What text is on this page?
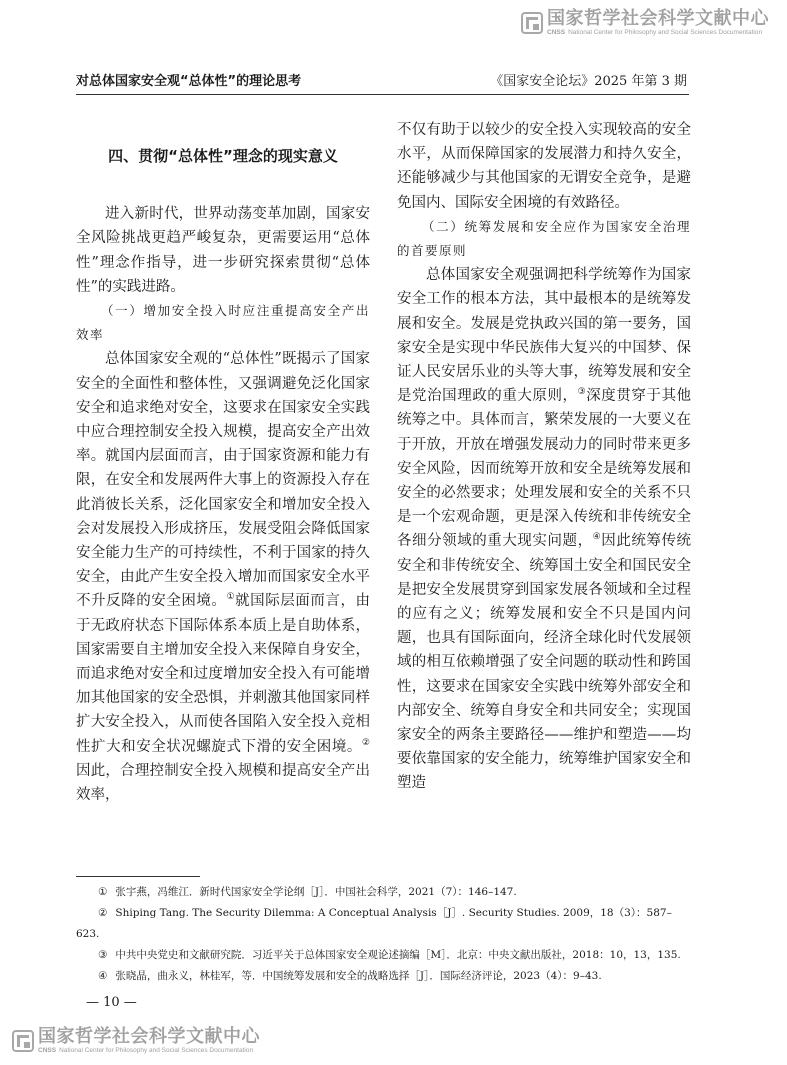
国家哲学社会科学文献中心
CNSS National Center for Philosophy and Social Sciences Documentation
对总体国家安全观“总体性”的理论思考	《国家安全论坛》2025 年第 3 期

四、贯彻“总体性”理念的现实意义

进入新时代，世界动荡变革加剧，国家安全风险挑战更趋严峻复杂，更需要运用“总体性”理念作指导，进一步研究探索贯彻“总体性”的实践进路。

（一）增加安全投入时应注重提高安全产出效率

总体国家安全观的“总体性”既揭示了国家安全的全面性和整体性，又强调避免泛化国家安全和追求绝对安全，这要求在国家安全实践中应合理控制安全投入规模，提高安全产出效率。就国内层面而言，由于国家资源和能力有限，在安全和发展两件大事上的资源投入存在此消彼长关系，泛化国家安全和增加安全投入会对发展投入形成挤压，发展受阻会降低国家安全能力生产的可持续性，不利于国家的持久安全，由此产生安全投入增加而国家安全水平不升反降的安全困境。①就国际层面而言，由于无政府状态下国际体系本质上是自助体系，国家需要自主增加安全投入来保障自身安全，而追求绝对安全和过度增加安全投入有可能增加其他国家的安全恐惧，并刺激其他国家同样扩大安全投入，从而使各国陷入安全投入竞相性扩大和安全状况螺旋式下滑的安全困境。②因此，合理控制安全投入规模和提高安全产出效率，

不仅有助于以较少的安全投入实现较高的安全水平，从而保障国家的发展潜力和持久安全，还能够减少与其他国家的无谓安全竞争，是避免国内、国际安全困境的有效路径。

（二）统筹发展和安全应作为国家安全治理的首要原则

总体国家安全观强调把科学统筹作为国家安全工作的根本方法，其中最根本的是统筹发展和安全。发展是党执政兴国的第一要务，国家安全是实现中华民族伟大复兴的中国梦、保证人民安居乐业的头等大事，统筹发展和安全是党治国理政的重大原则，③深度贯穿于其他统筹之中。具体而言，繁荣发展的一大要义在于开放，开放在增强发展动力的同时带来更多安全风险，因而统筹开放和安全是统筹发展和安全的必然要求；处理发展和安全的关系不只是一个宏观命题，更是深入传统和非传统安全各细分领域的重大现实问题，④因此统筹传统安全和非传统安全、统筹国土安全和国民安全是把安全发展贯穿到国家发展各领域和全过程的应有之义；统筹发展和安全不只是国内问题，也具有国际面向，经济全球化时代发展领域的相互依赖增强了安全问题的联动性和跨国性，这要求在国家安全实践中统筹外部安全和内部安全、统筹自身安全和共同安全；实现国家安全的两条主要路径——维护和塑造——均要依靠国家的安全能力，统筹维护国家安全和塑造

① 张宇燕，冯维江．新时代国家安全学论纲［J］．中国社会科学，2021（7）：146–147.

② Shiping Tang. The Security Dilemma: A Conceptual Analysis［J］. Security Studies. 2009，18（3）：587–623.

③ 中共中央党史和文献研究院．习近平关于总体国家安全观论述摘编［M］．北京：中央文献出版社，2018：10，13，135.

④ 张晓晶，曲永义，林桂军，等．中国统筹发展和安全的战略选择［J］．国际经济评论，2023（4）：9–43.

— 10 —
国家哲学社会科学文献中心
CNSS National Center for Philosophy and Social Sciences Documentation
